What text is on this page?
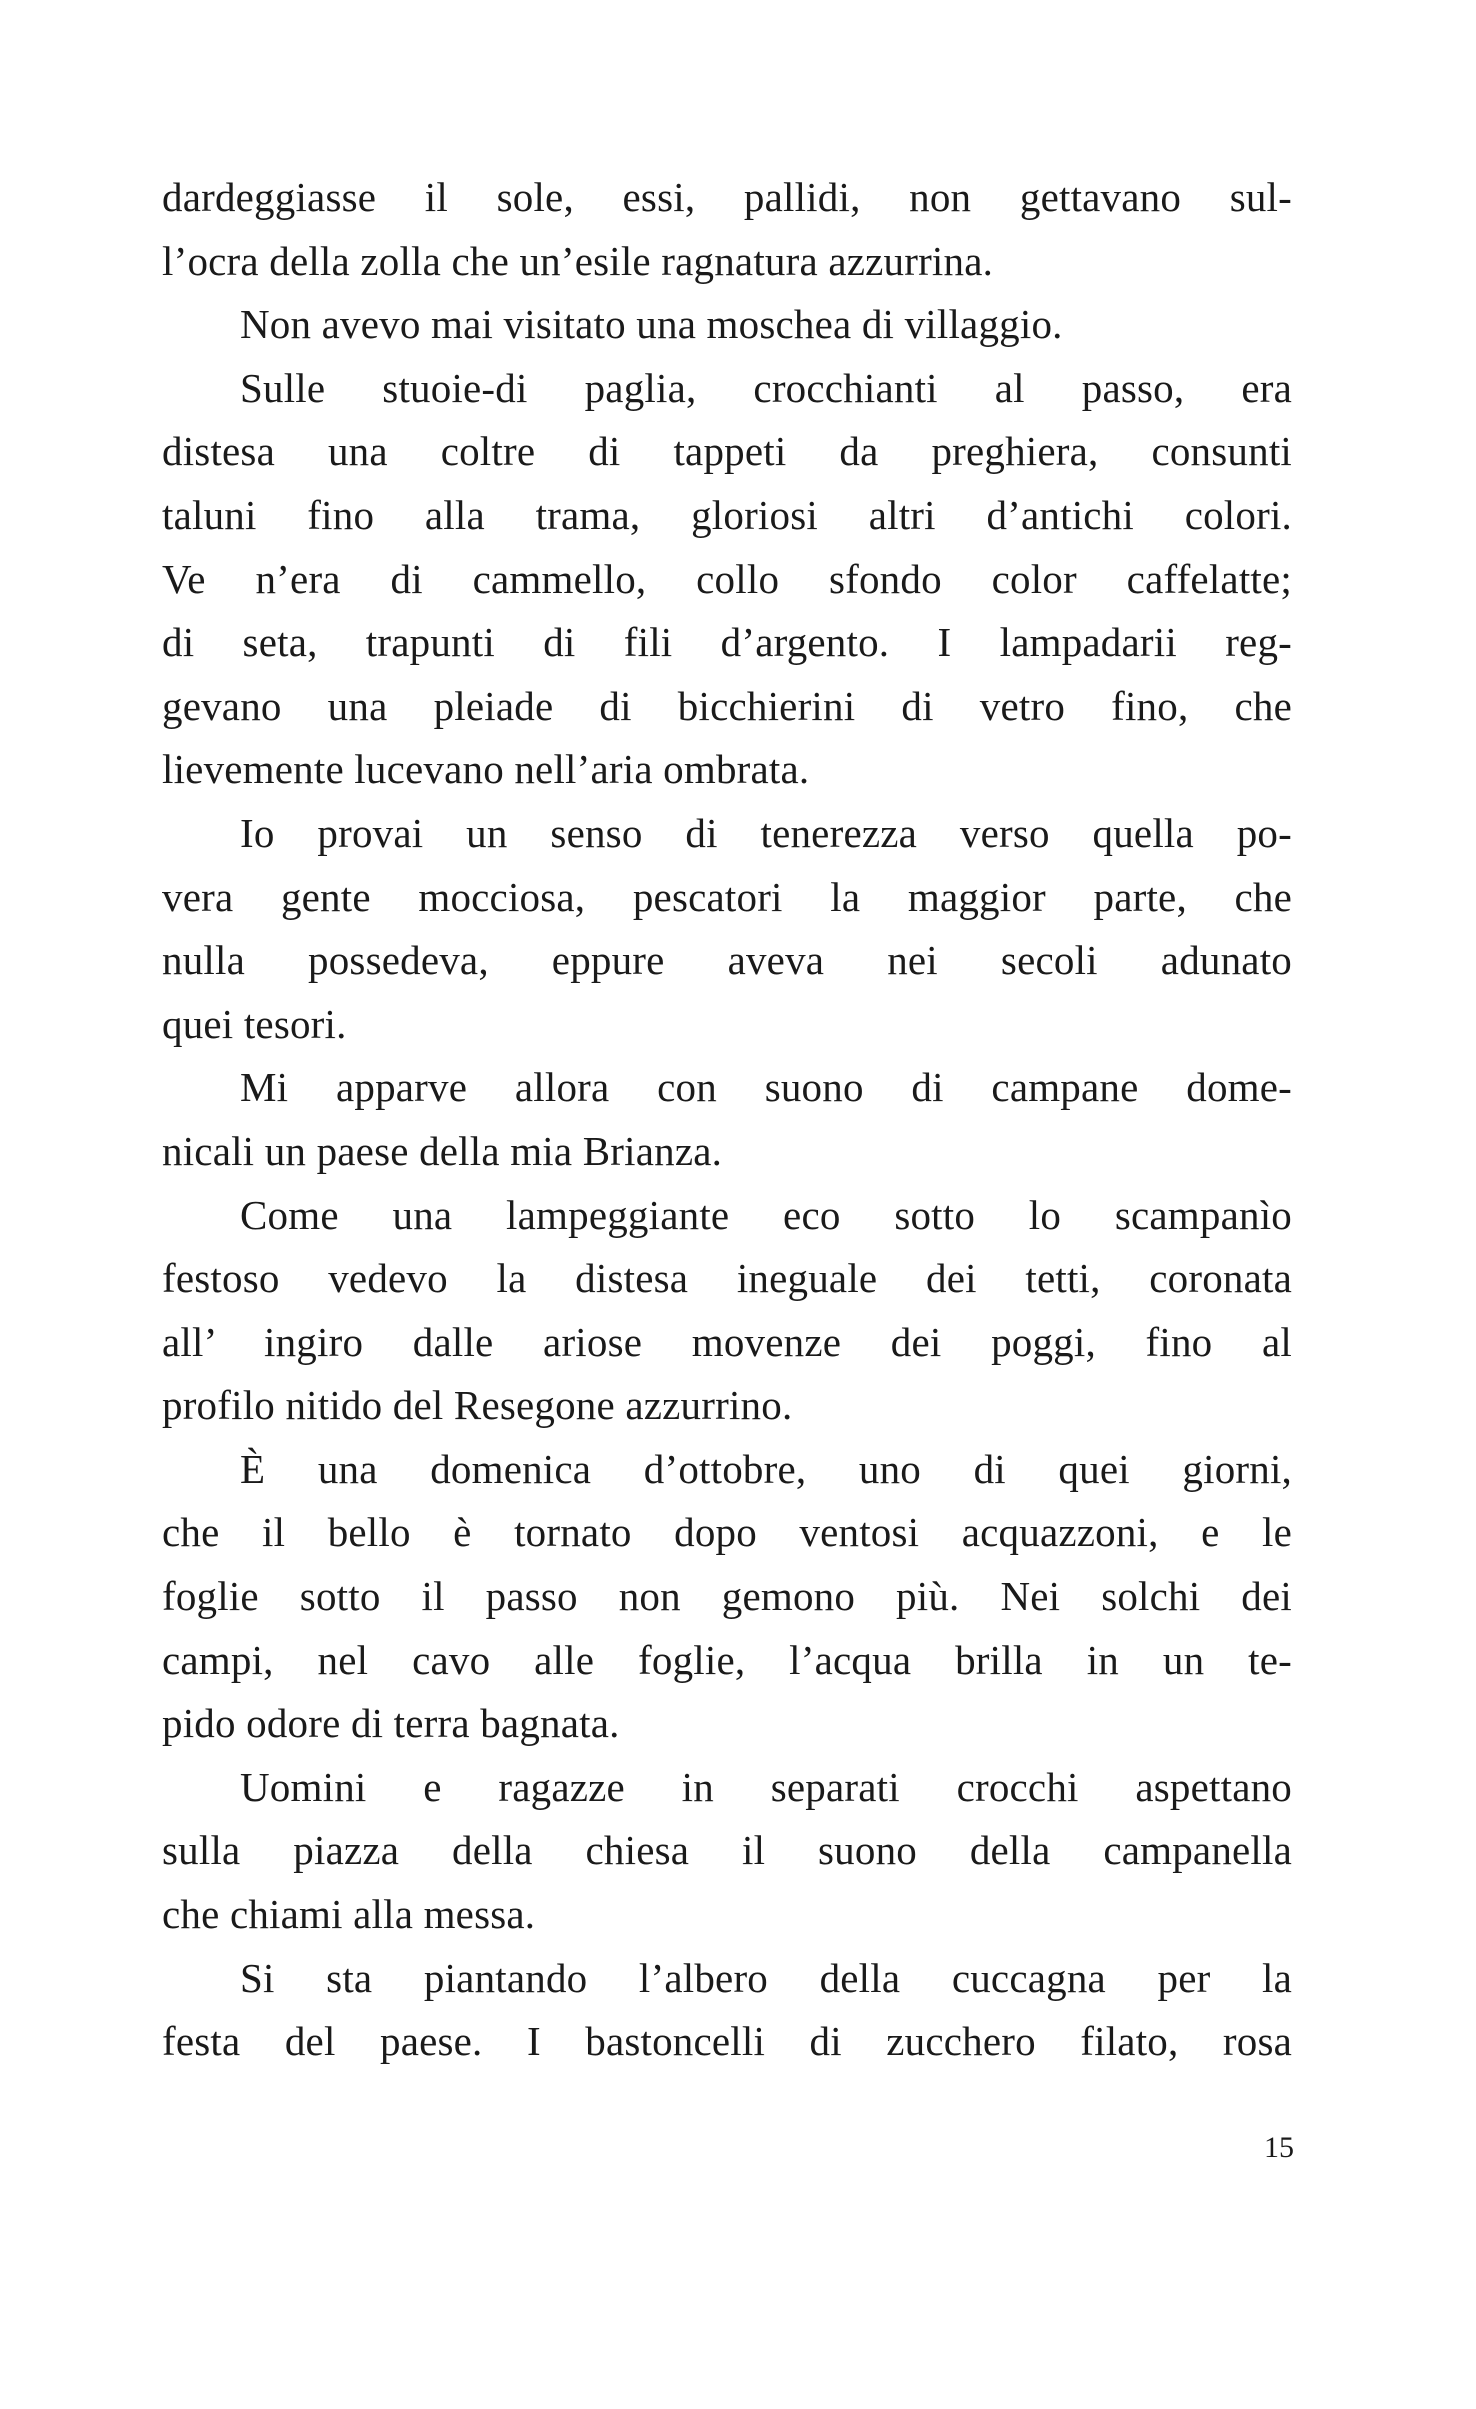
dardeggiasse il sole, essi, pallidi, non gettavano sul-
l’ocra della zolla che un’esile ragnatura azzurrina.
Non avevo mai visitato una moschea di villaggio.
Sulle stuoie-di paglia, crocchianti al passo, era
distesa una coltre di tappeti da preghiera, consunti
taluni fino alla trama, gloriosi altri d’antichi colori.
Ve n’era di cammello, collo sfondo color caffelatte;
di seta, trapunti di fili d’argento. I lampadarii reg-
gevano una pleiade di bicchierini di vetro fino, che
lievemente lucevano nell’aria ombrata.
Io provai un senso di tenerezza verso quella po-
vera gente mocciosa, pescatori la maggior parte, che
nulla possedeva, eppure aveva nei secoli adunato
quei tesori.
Mi apparve allora con suono di campane dome-
nicali un paese della mia Brianza.
Come una lampeggiante eco sotto lo scampanìo
festoso vedevo la distesa ineguale dei tetti, coronata
all’ ingiro dalle ariose movenze dei poggi, fino al
profilo nitido del Resegone azzurrino.
È una domenica d’ottobre, uno di quei giorni,
che il bello è tornato dopo ventosi acquazzoni, e le
foglie sotto il passo non gemono più. Nei solchi dei
campi, nel cavo alle foglie, l’acqua brilla in un te-
pido odore di terra bagnata.
Uomini e ragazze in separati crocchi aspettano
sulla piazza della chiesa il suono della campanella
che chiami alla messa.
Si sta piantando l’albero della cuccagna per la
festa del paese. I bastoncelli di zucchero filato, rosa
15
